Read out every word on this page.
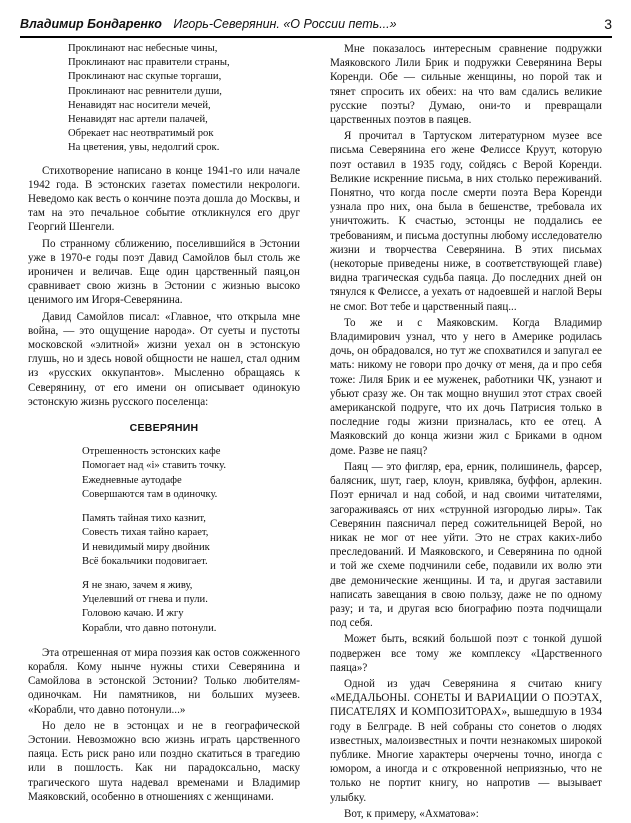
Владимир Бондаренко Игорь-Северянин. «О России петь...»	3
Проклинают нас небесные чины,
Проклинают нас правители страны,
Проклинают нас скупые торгаши,
Проклинают нас ревнители души,
Ненавидят нас носители мечей,
Ненавидят нас артели палачей,
Обрекает нас неотвратимый рок
На цветения, увы, недолгий срок.

Стихотворение написано в конце 1941-го или начале 1942 года. В эстонских газетах поместили некрологи. Неведомо как весть о кончине поэта дошла до Москвы, и там на это печальное событие откликнулся его друг Георгий Шенгели.

По странному сближению, поселившийся в Эстонии уже в 1970-е годы поэт Давид Самойлов был столь же ироничен и величав. Еще один царственный паяц,он сравнивает свою жизнь в Эстонии с жизнью высоко ценимого им Игоря-Северянина.

Давид Самойлов писал: «Главное, что открыла мне война, — это ощущение народа». От суеты и пустоты московской «элитной» жизни уехал он в эстонскую глушь, но и здесь новой общности не нашел, стал одним из «русских оккупантов». Мысленно обращаясь к Северянину, от его имени он описывает одинокую эстонскую жизнь русского поселенца:

СЕВЕРЯНИН
Отрешенность эстонских кафе
Помогает над «i» ставить точку.
Ежедневные аутодафе
Совершаются там в одиночку.
Память тайная тихо казнит,
Совесть тихая тайно карает,
И невидимый миру двойник
Всё бокальчики подовигает.
Я не знаю, зачем я живу,
Уцелевший от гнева и пули.
Головою качаю. И жгу
Корабли, что давно потонули.

Эта отрешенная от мира поэзия как остов сожженного корабля. Кому нынче нужны стихи Северянина и Самойлова в эстонской Эстонии? Только любителям-одиночкам. Ни памятников, ни больших музеев. «Корабли, что давно потонули...»

Но дело не в эстонцах и не в географической Эстонии. Невозможно всю жизнь играть царственного паяца. Есть риск рано или поздно скатиться в трагедию или в пошлость. Как ни парадоксально, маску трагического шута надевал временами и Владимир Маяковский, особенно в отношениях с женщинами.

Мне показалось интересным сравнение подружки Маяковского Лили Брик и подружки Северянина Веры Коренди. Обе — сильные женщины, но порой так и тянет спросить их обеих: на что вам сдались великие русские поэты? Думаю, они-то и превращали царственных поэтов в паяцев.

Я прочитал в Тартуском литературном музее все письма Северянина его жене Фелиссе Круут, которую поэт оставил в 1935 году, сойдясь с Верой Коренди. Великие искренние письма, в них столько переживаний. Понятно, что когда после смерти поэта Вера Коренди узнала про них, она была в бешенстве, требовала их уничтожить. К счастью, эстонцы не поддались ее требованиям, и письма доступны любому исследователю жизни и творчества Северянина. В этих письмах (некоторые приведены ниже, в соответствующей главе) видна трагическая судьба паяца. До последних дней он тянулся к Фелиссе, а уехать от надоевшей и наглой Веры не смог. Вот тебе и царственный паяц...

То же и с Маяковским. Когда Владимир Владимирович узнал, что у него в Америке родилась дочь, он обрадовался, но тут же спохватился и запугал ее мать: никому не говори про дочку от меня, да и про себя тоже: Лиля Брик и ее муженек, работники ЧК, узнают и убьют сразу же. Он так мощно внушил этот страх своей американской подруге, что их дочь Патрисия только в последние годы жизни призналась, кто ее отец. А Маяковский до конца жизни жил с Бриками в одном доме. Разве не паяц?

Паяц — это фигляр, ера, ерник, полишинель, фарсер, балясник, шут, гаер, клоун, кривляка, буффон, арлекин. Поэт ерничал и над собой, и над своими читателями, загораживаясь от них «струнной изгородью лиры». Так Северянин паясничал перед сожительницей Верой, но никак не мог от нее уйти. Это не страх каких-либо преследований. И Маяковского, и Северянина по одной и той же схеме подчинили себе, подавили их волю эти две демонические женщины. И та, и другая заставили написать завещания в свою пользу, даже не по одному разу; и та, и другая всю биографию поэта подчищали под себя.

Может быть, всякий большой поэт с тонкой душой подвержен все тому же комплексу «Царственного паяца»?

Одной из удач Северянина я считаю книгу «МЕДАЛЬОНЫ. СОНЕТЫ И ВАРИАЦИИ О ПОЭТАХ, ПИСАТЕЛЯХ И КОМПОЗИТОРАХ», вышедшую в 1934 году в Белграде. В ней собраны сто сонетов о людях известных, малоизвестных и почти незнакомых широкой публике. Многие характеры очерчены точно, иногда с юмором, а иногда и с откровенной неприязнью, что не только не портит книгу, но напротив — вызывает улыбку.

Вот, к примеру, «Ахматова»:
